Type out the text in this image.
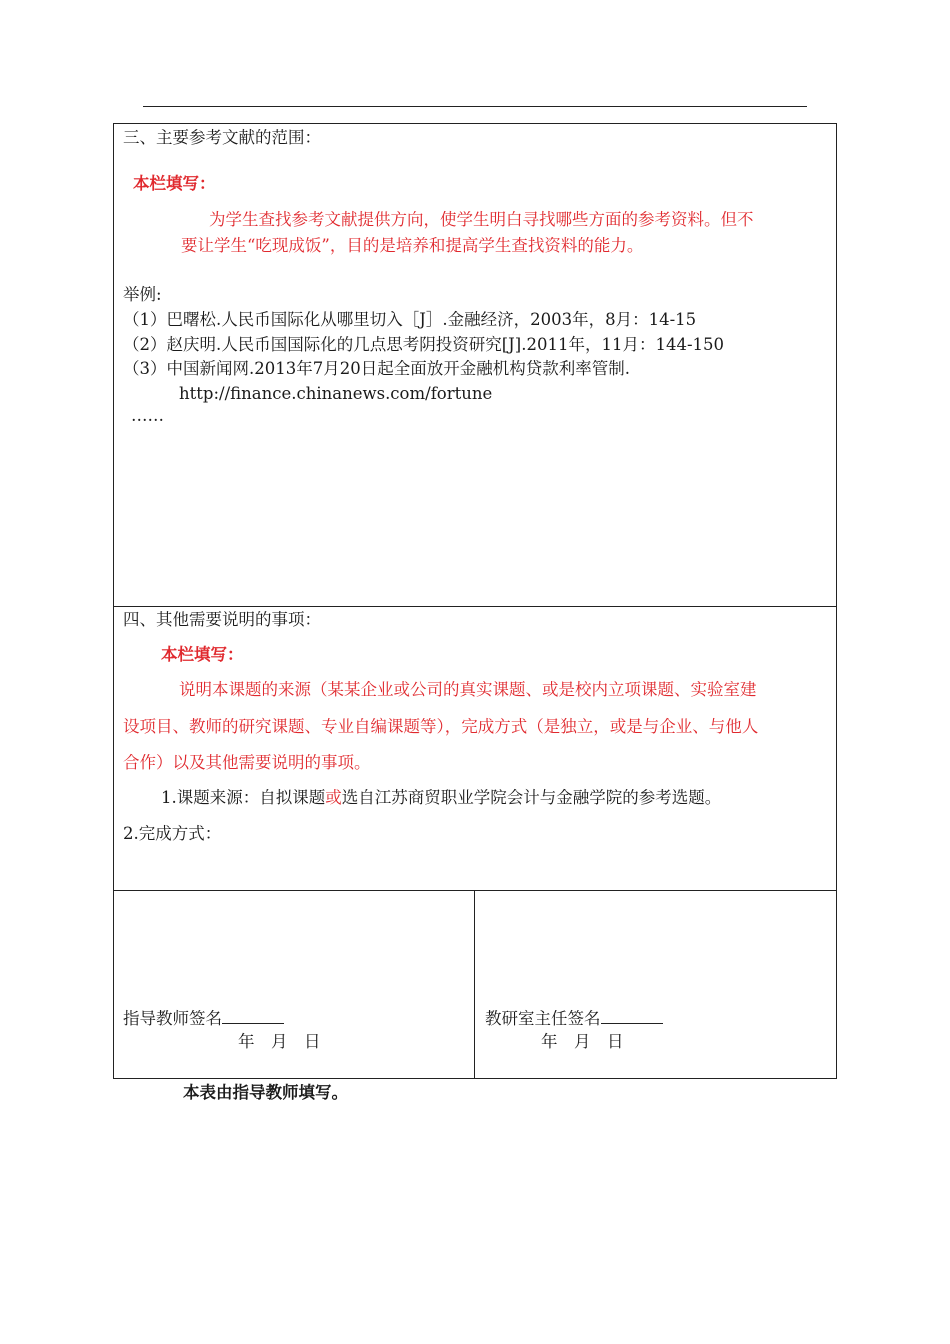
三、主要参考文献的范围：
本栏填写：
为学生查找参考文献提供方向，使学生明白寻找哪些方面的参考资料。但不
要让学生“吃现成饭”，目的是培养和提高学生查找资料的能力。
举例:
（1）巴曙松.人民币国际化从哪里切入［J］.金融经济，2003年，8月：14-15
（2）赵庆明.人民币国国际化的几点思考阴投资研究[J].2011年，11月：144-150
（3）中国新闻网.2013年7月20日起全面放开金融机构贷款利率管制.
http://finance.chinanews.com/fortune
……
四、其他需要说明的事项：
本栏填写：
说明本课题的来源（某某企业或公司的真实课题、或是校内立项课题、实验室建
设项目、教师的研究课题、专业自编课题等），完成方式（是独立，或是与企业、与他人
合作）以及其他需要说明的事项。
1.课题来源：自拟课题或选自江苏商贸职业学院会计与金融学院的参考选题。
2.完成方式：
指导教师签名
年　月　日
教研室主任签名
年　月　日
本表由指导教师填写。
